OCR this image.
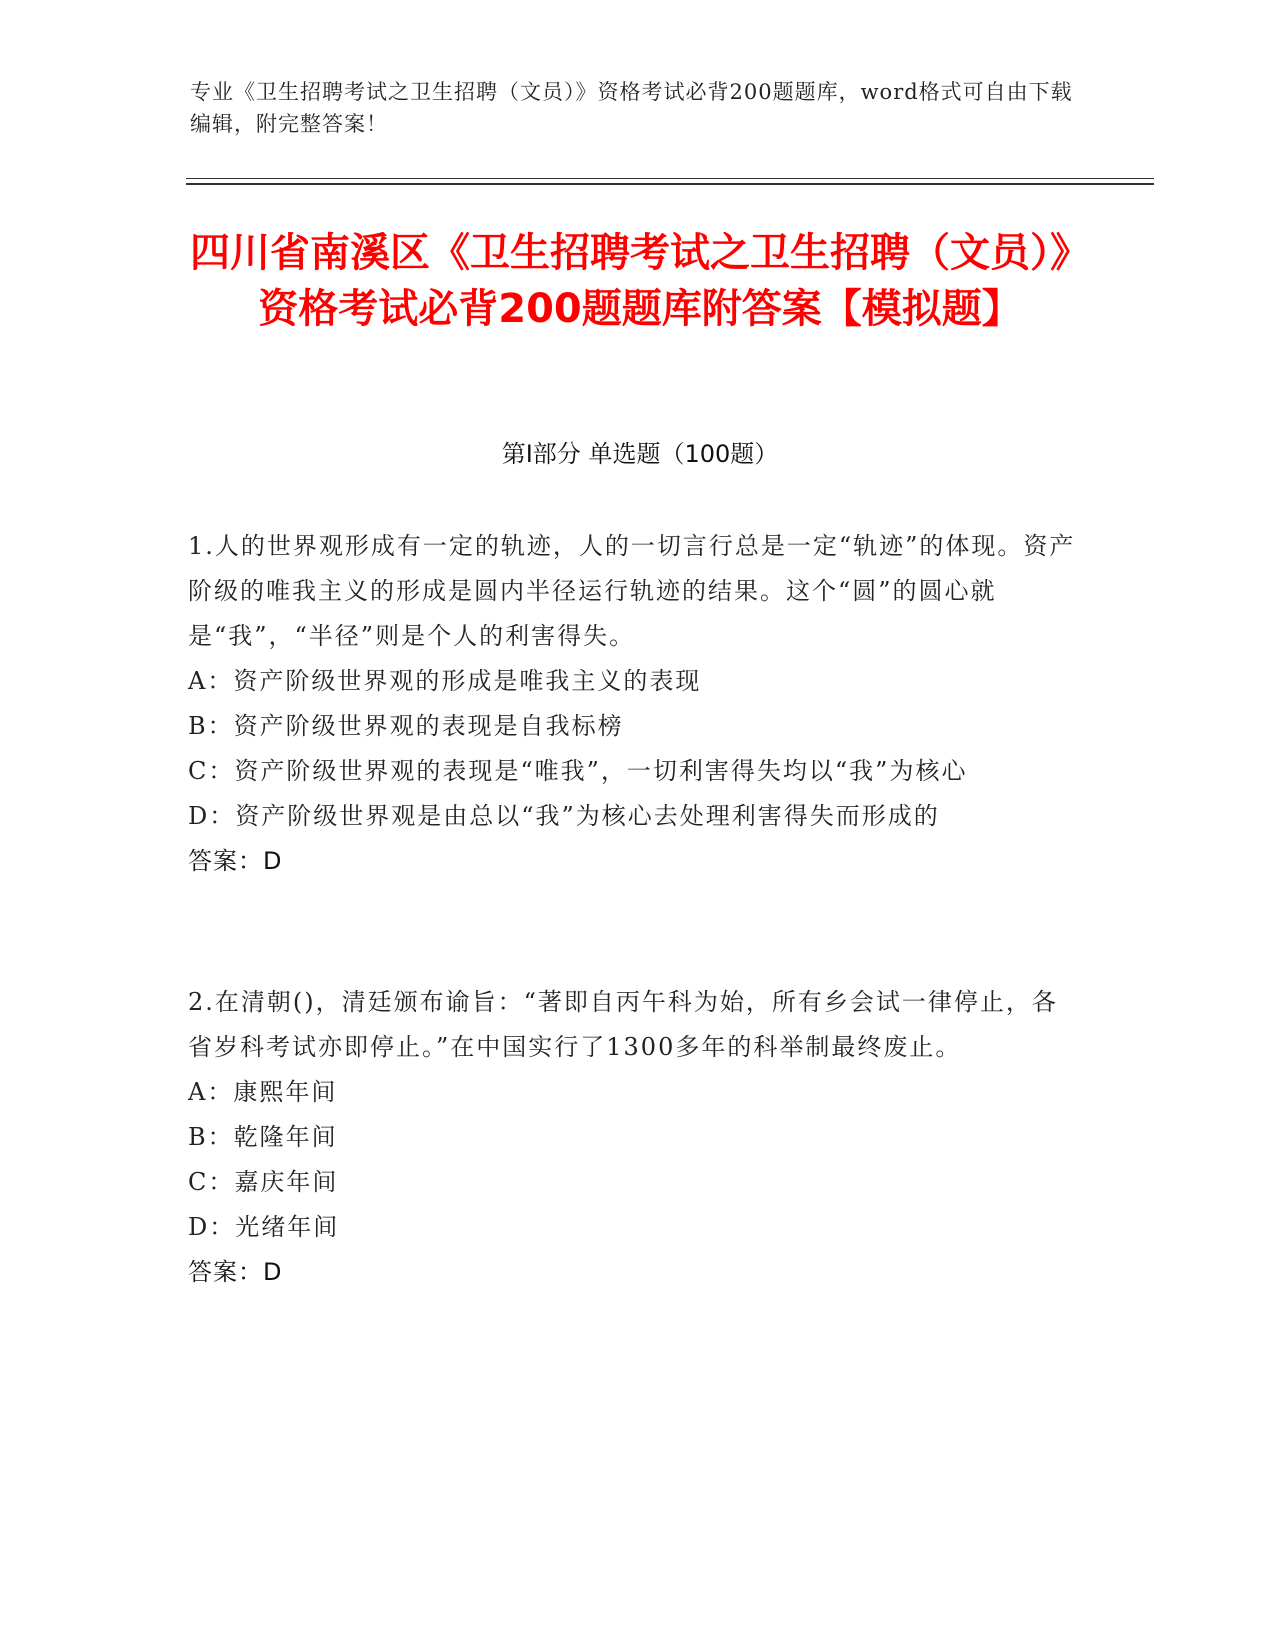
专业《卫生招聘考试之卫生招聘（文员）》资格考试必背200题题库，word格式可自由下载编辑，附完整答案！
四川省南溪区《卫生招聘考试之卫生招聘（文员）》资格考试必背200题题库附答案【模拟题】
第Ⅰ部分 单选题（100题）

1.人的世界观形成有一定的轨迹，人的一切言行总是一定“轨迹”的体现。资产阶级的唯我主义的形成是圆内半径运行轨迹的结果。这个“圆”的圆心就是“我”，“半径”则是个人的利害得失。

A：资产阶级世界观的形成是唯我主义的表现

B：资产阶级世界观的表现是自我标榜

C：资产阶级世界观的表现是“唯我”，一切利害得失均以“我”为核心

D：资产阶级世界观是由总以“我”为核心去处理利害得失而形成的

答案：D

2.在清朝()，清廷颁布谕旨：“著即自丙午科为始，所有乡会试一律停止，各省岁科考试亦即停止。”在中国实行了1300多年的科举制最终废止。

A：康熙年间

B：乾隆年间

C：嘉庆年间

D：光绪年间

答案：D
